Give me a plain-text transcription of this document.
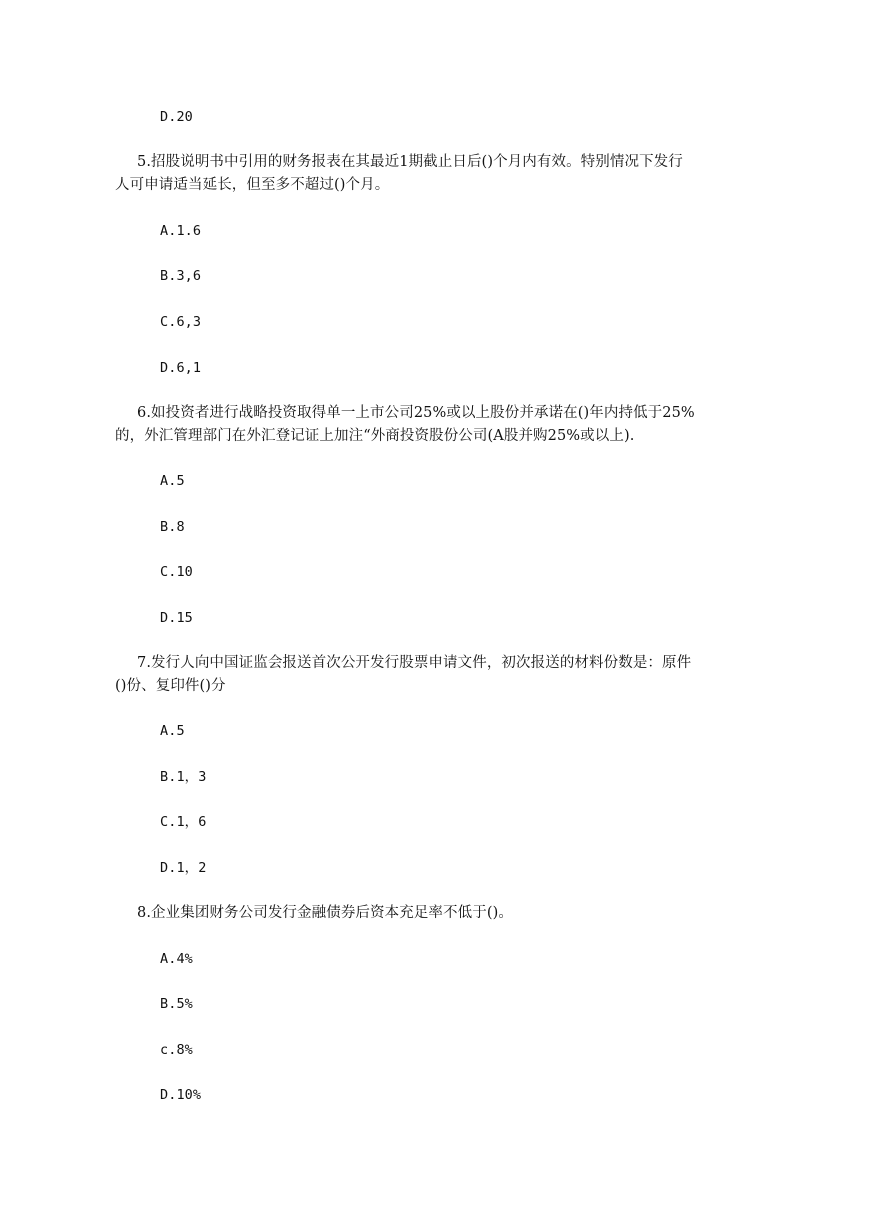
D.20
5.招股说明书中引用的财务报表在其最近1期截止日后()个月内有效。特别情况下发行
人可申请适当延长，但至多不超过()个月。
A.1.6
B.3,6
C.6,3
D.6,1
6.如投资者进行战略投资取得单一上市公司25%或以上股份并承诺在()年内持低于25%
的，外汇管理部门在外汇登记证上加注“外商投资股份公司(A股并购25%或以上).
A.5
B.8
C.10
D.15
7.发行人向中国证监会报送首次公开发行股票申请文件，初次报送的材料份数是：原件
()份、复印件()分
A.5
B.1，3
C.1，6
D.1，2
8.企业集团财务公司发行金融债券后资本充足率不低于()。
A.4%
B.5%
c.8%
D.10%
